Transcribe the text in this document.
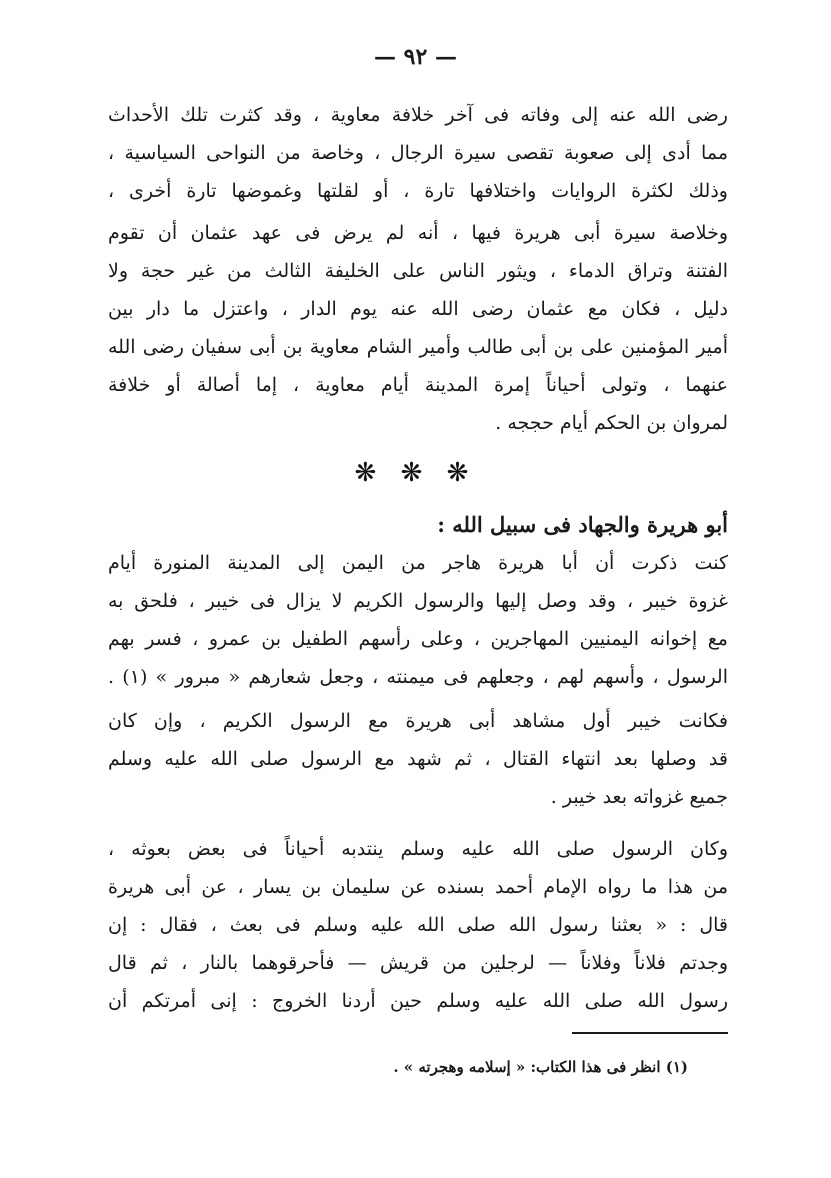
— ٩٢ —
رضى الله عنه إلى وفاته فى آخر خلافة معاوية ، وقد كثرت تلك الأحداث
مما أدى إلى صعوبة تقصى سيرة الرجال ، وخاصة من النواحى السياسية ،
وذلك لكثرة الروايات واختلافها تارة ، أو لقلتها وغموضها تارة أخرى ،
وخلاصة سيرة أبى هريرة فيها ، أنه لم يرض فى عهد عثمان أن تقوم
الفتنة وتراق الدماء ، ويثور الناس على الخليفة الثالث من غير حجة ولا
دليل ، فكان مع عثمان رضى الله عنه يوم الدار ، واعتزل ما دار بين
أمير المؤمنين على بن أبى طالب وأمير الشام معاوية بن أبى سفيان رضى الله
عنهما ، وتولى أحياناً إمرة المدينة أيام معاوية ، إما أصالة أو خلافة
لمروان بن الحكم أيام حججه .
❋ ❋ ❋
أبو هريرة والجهاد فى سبيل الله :
كنت ذكرت أن أبا هريرة هاجر من اليمن إلى المدينة المنورة أيام
غزوة خيبر ، وقد وصل إليها والرسول الكريم لا يزال فى خيبر ، فلحق به
مع إخوانه اليمنيين المهاجرين ، وعلى رأسهم الطفيل بن عمرو ، فسر بهم
الرسول ، وأسهم لهم ، وجعلهم فى ميمنته ، وجعل شعارهم « مبرور » (١) .
فكانت خيبر أول مشاهد أبى هريرة مع الرسول الكريم ، وإن كان
قد وصلها بعد انتهاء القتال ، ثم شهد مع الرسول صلى الله عليه وسلم
جميع غزواته بعد خيبر .
وكان الرسول صلى الله عليه وسلم ينتدبه أحياناً فى بعض بعوثه ،
من هذا ما رواه الإمام أحمد بسنده عن سليمان بن يسار ، عن أبى هريرة
قال : « بعثنا رسول الله صلى الله عليه وسلم فى بعث ، فقال : إن
وجدتم فلاناً وفلاناً — لرجلين من قريش — فأحرقوهما بالنار ، ثم قال
رسول الله صلى الله عليه وسلم حين أردنا الخروج : إنى أمرتكم أن
(١) انظر فى هذا الكتاب: « إسلامه وهجرته » .
